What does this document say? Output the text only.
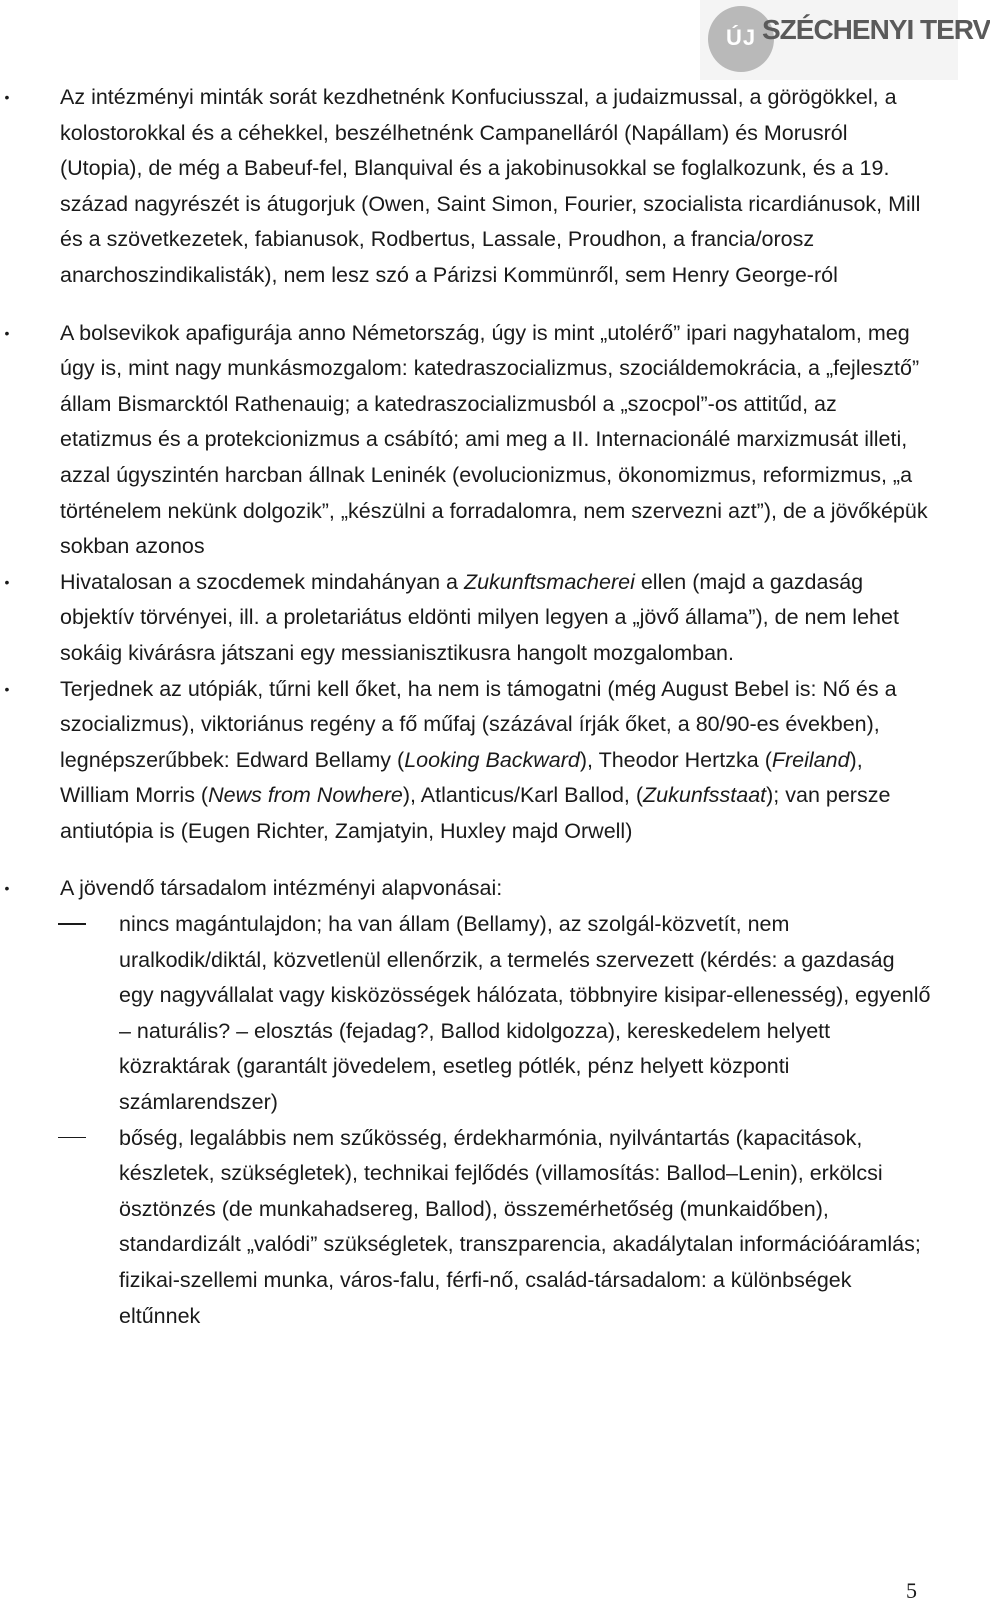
ÚJ SZÉCHENYI TERV
•	Az intézményi minták sorát kezdhetnénk Konfuciusszal, a judaizmussal, a görögökkel, a kolostorokkal és a céhekkel, beszélhetnénk Campanelláról (Napállam) és Morusról (Utopia), de még a Babeuf-fel, Blanquival és a jakobinusokkal se foglalkozunk, és a 19. század nagyrészét is átugorjuk (Owen, Saint Simon, Fourier, szocialista ricardiánusok, Mill és a szövetkezetek, fabianusok, Rodbertus, Lassale, Proudhon, a francia/orosz anarchoszindikalisták), nem lesz szó a Párizsi Kommünről, sem Henry George-ról
•	A bolsevikok apafigurája anno Németország, úgy is mint „utolérő” ipari nagyhatalom, meg úgy is, mint nagy munkásmozgalom: katedraszocializmus, szociáldemokrácia, a „fejlesztő” állam Bismarcktól Rathenauig; a katedraszocializmusból a „szocpol”-os attitűd, az etatizmus és a protekcionizmus a csábító; ami meg a II. Internacionálé marxizmusát illeti, azzal úgyszintén harcban állnak Leninék (evolucionizmus, ökonomizmus, reformizmus, „a történelem nekünk dolgozik”, „készülni a forradalomra, nem szervezni azt”), de a jövőképük sokban azonos
•	Hivatalosan a szocdemek mindahányan a Zukunftsmacherei ellen (majd a gazdaság objektív törvényei, ill. a proletariátus eldönti milyen legyen a „jövő állama”), de nem lehet sokáig kivárásra játszani egy messianisztikusra hangolt mozgalomban.
•	Terjednek az utópiák, tűrni kell őket, ha nem is támogatni (még August Bebel is: Nő és a szocializmus), viktoriánus regény a fő műfaj (százával írják őket, a 80/90-es években), legnépszerűbbek: Edward Bellamy (Looking Backward), Theodor Hertzka (Freiland), William Morris (News from Nowhere), Atlanticus/Karl Ballod, (Zukunfsstaat); van persze antiutópia is (Eugen Richter, Zamjatyin, Huxley majd Orwell)
•	A jövendő társadalom intézményi alapvonásai:
nincs magántulajdon; ha van állam (Bellamy), az szolgál-közvetít, nem uralkodik/diktál, közvetlenül ellenőrzik, a termelés szervezett (kérdés: a gazdaság egy nagyvállalat vagy kisközösségek hálózata, többnyire kisipar-ellenesség), egyenlő – naturális? – elosztás (fejadag?, Ballod kidolgozza), kereskedelem helyett közraktárak (garantált jövedelem, esetleg pótlék, pénz helyett központi számlarendszer)
bőség, legalábbis nem szűkösség, érdekharmónia, nyilvántartás (kapacitások, készletek, szükségletek), technikai fejlődés (villamosítás: Ballod–Lenin), erkölcsi ösztönzés (de munkahadsereg, Ballod), összemérhetőség (munkaidőben), standardizált „valódi” szükségletek, transzparencia, akadálytalan információáramlás; fizikai-szellemi munka, város-falu, férfi-nő, család-társadalom: a különbségek eltűnnek
5
